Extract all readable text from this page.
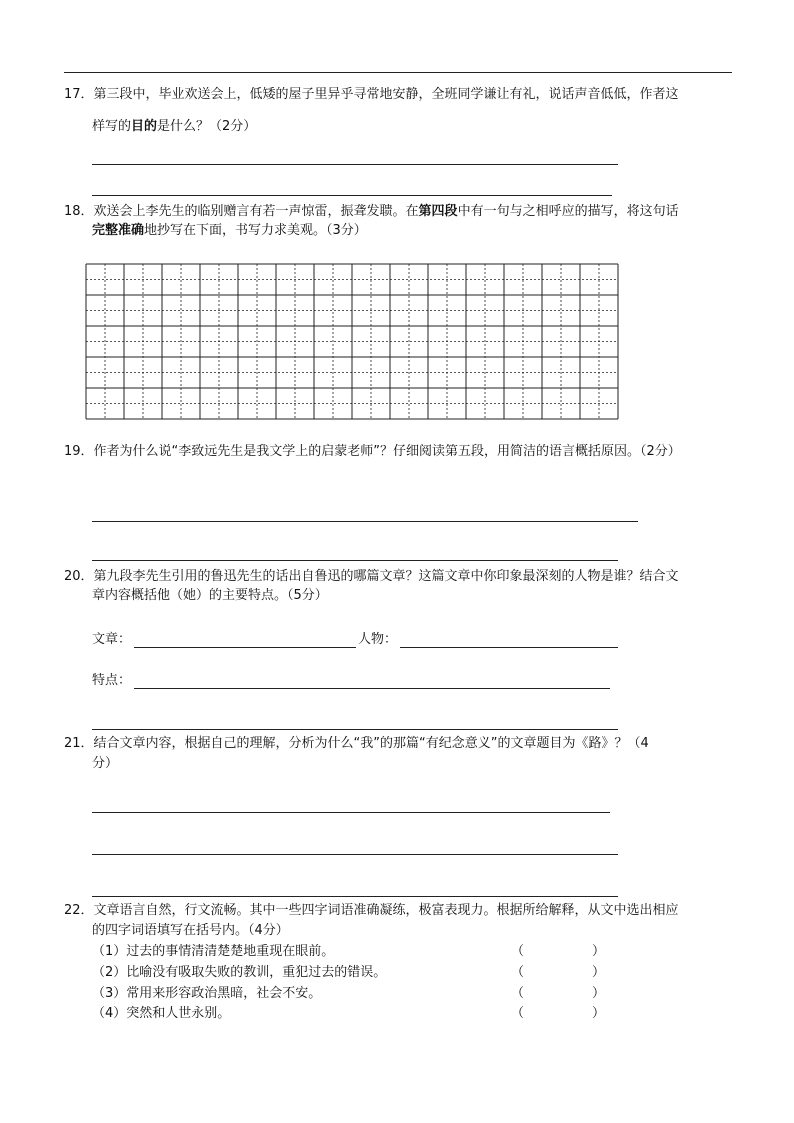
17．第三段中，毕业欢送会上，低矮的屋子里异乎寻常地安静，全班同学谦让有礼，说话声音低低，作者这
样写的目的是什么？（2分）
18．欢送会上李先生的临别赠言有若一声惊雷，振聋发聩。在第四段中有一句与之相呼应的描写，将这句话
完整准确地抄写在下面，书写力求美观。（3分）
19．作者为什么说“李致远先生是我文学上的启蒙老师”？仔细阅读第五段，用简洁的语言概括原因。（2分）
20．第九段李先生引用的鲁迅先生的话出自鲁迅的哪篇文章？这篇文章中你印象最深刻的人物是谁？结合文
章内容概括他（她）的主要特点。（5分）
文章：	人物：
特点：
21．结合文章内容，根据自己的理解，分析为什么“我”的那篇“有纪念意义”的文章题目为《路》？（4
分）
22．文章语言自然，行文流畅。其中一些四字词语准确凝练，极富表现力。根据所给解释，从文中选出相应
的四字词语填写在括号内。（4分）
（1）过去的事情清清楚楚地重现在眼前。	（	）
（2）比喻没有吸取失败的教训，重犯过去的错误。	（	）
（3）常用来形容政治黑暗，社会不安。	（	）
（4）突然和人世永别。	（	）
